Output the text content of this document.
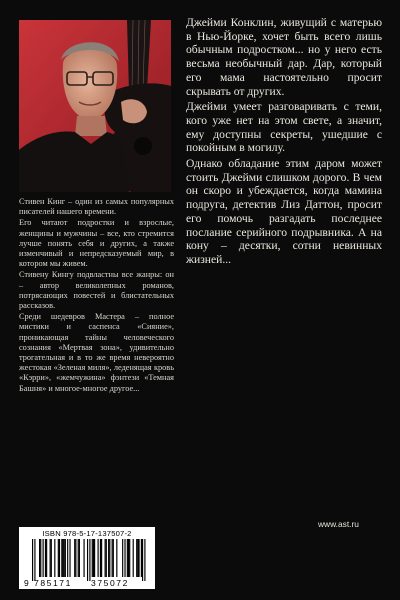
Стивен Кинг – один из самых популярных писателей нашего времени.

Его читают подростки и взрослые, женщины и мужчины – все, кто стремится лучше понять себя и других, а также изменчивый и непредсказуемый мир, в котором мы живем.

Стивену Кингу подвластны все жанры: он – автор великолепных романов, потрясающих повестей и блистательных рассказов.

Среди шедевров Мастера – полное мистики и саспенса «Сияние», проникающая тайны человеческого сознания «Мертвая зона», удивительно трогательная и в то же время невероятно жестокая «Зеленая миля», леденящая кровь «Кэрри», «жемчужина» фэнтези «Темная Башня» и многое-многое другое...

Джейми Конклин, живущий с матерью в Нью-Йорке, хочет быть всего лишь обычным подростком... но у него есть весьма необычный дар. Дар, который его мама настоятельно просит скрывать от других.

Джейми умеет разговаривать с теми, кого уже нет на этом свете, а значит, ему доступны секреты, ушедшие с покойным в могилу.

Однако обладание этим даром может стоить Джейми слишком дорого. В чем он скоро и убеждается, когда мамина подруга, детектив Лиз Даттон, просит его помочь разгадать последнее послание серийного подрывника. А на кону – десятки, сотни невинных жизней...

www.ast.ru
ISBN 978-5-17-137507-2
9 785171 375072
